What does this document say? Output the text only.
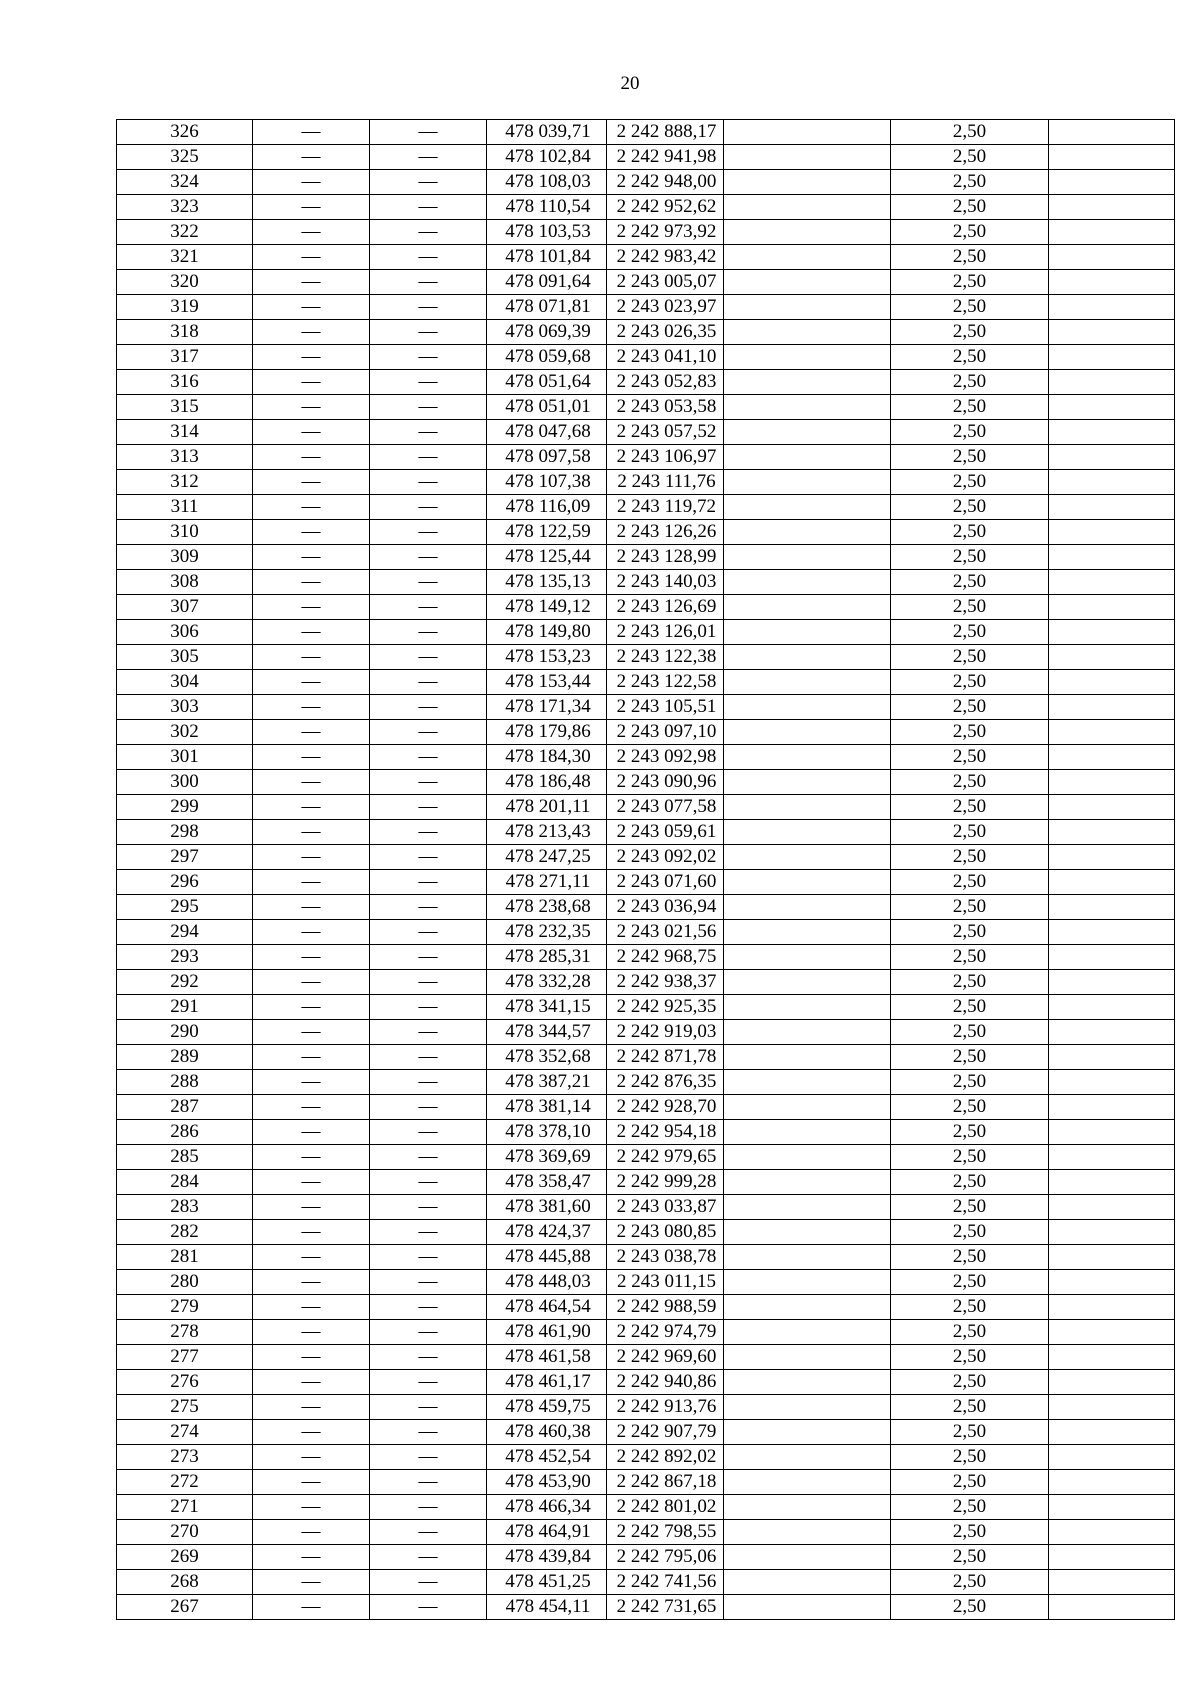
20
326	—	—	478 039,71	2 242 888,17		2,50	
325	—	—	478 102,84	2 242 941,98		2,50	
324	—	—	478 108,03	2 242 948,00		2,50	
323	—	—	478 110,54	2 242 952,62		2,50	
322	—	—	478 103,53	2 242 973,92		2,50	
321	—	—	478 101,84	2 242 983,42		2,50	
320	—	—	478 091,64	2 243 005,07		2,50	
319	—	—	478 071,81	2 243 023,97		2,50	
318	—	—	478 069,39	2 243 026,35		2,50	
317	—	—	478 059,68	2 243 041,10		2,50	
316	—	—	478 051,64	2 243 052,83		2,50	
315	—	—	478 051,01	2 243 053,58		2,50	
314	—	—	478 047,68	2 243 057,52		2,50	
313	—	—	478 097,58	2 243 106,97		2,50	
312	—	—	478 107,38	2 243 111,76		2,50	
311	—	—	478 116,09	2 243 119,72		2,50	
310	—	—	478 122,59	2 243 126,26		2,50	
309	—	—	478 125,44	2 243 128,99		2,50	
308	—	—	478 135,13	2 243 140,03		2,50	
307	—	—	478 149,12	2 243 126,69		2,50	
306	—	—	478 149,80	2 243 126,01		2,50	
305	—	—	478 153,23	2 243 122,38		2,50	
304	—	—	478 153,44	2 243 122,58		2,50	
303	—	—	478 171,34	2 243 105,51		2,50	
302	—	—	478 179,86	2 243 097,10		2,50	
301	—	—	478 184,30	2 243 092,98		2,50	
300	—	—	478 186,48	2 243 090,96		2,50	
299	—	—	478 201,11	2 243 077,58		2,50	
298	—	—	478 213,43	2 243 059,61		2,50	
297	—	—	478 247,25	2 243 092,02		2,50	
296	—	—	478 271,11	2 243 071,60		2,50	
295	—	—	478 238,68	2 243 036,94		2,50	
294	—	—	478 232,35	2 243 021,56		2,50	
293	—	—	478 285,31	2 242 968,75		2,50	
292	—	—	478 332,28	2 242 938,37		2,50	
291	—	—	478 341,15	2 242 925,35		2,50	
290	—	—	478 344,57	2 242 919,03		2,50	
289	—	—	478 352,68	2 242 871,78		2,50	
288	—	—	478 387,21	2 242 876,35		2,50	
287	—	—	478 381,14	2 242 928,70		2,50	
286	—	—	478 378,10	2 242 954,18		2,50	
285	—	—	478 369,69	2 242 979,65		2,50	
284	—	—	478 358,47	2 242 999,28		2,50	
283	—	—	478 381,60	2 243 033,87		2,50	
282	—	—	478 424,37	2 243 080,85		2,50	
281	—	—	478 445,88	2 243 038,78		2,50	
280	—	—	478 448,03	2 243 011,15		2,50	
279	—	—	478 464,54	2 242 988,59		2,50	
278	—	—	478 461,90	2 242 974,79		2,50	
277	—	—	478 461,58	2 242 969,60		2,50	
276	—	—	478 461,17	2 242 940,86		2,50	
275	—	—	478 459,75	2 242 913,76		2,50	
274	—	—	478 460,38	2 242 907,79		2,50	
273	—	—	478 452,54	2 242 892,02		2,50	
272	—	—	478 453,90	2 242 867,18		2,50	
271	—	—	478 466,34	2 242 801,02		2,50	
270	—	—	478 464,91	2 242 798,55		2,50	
269	—	—	478 439,84	2 242 795,06		2,50	
268	—	—	478 451,25	2 242 741,56		2,50	
267	—	—	478 454,11	2 242 731,65		2,50	
